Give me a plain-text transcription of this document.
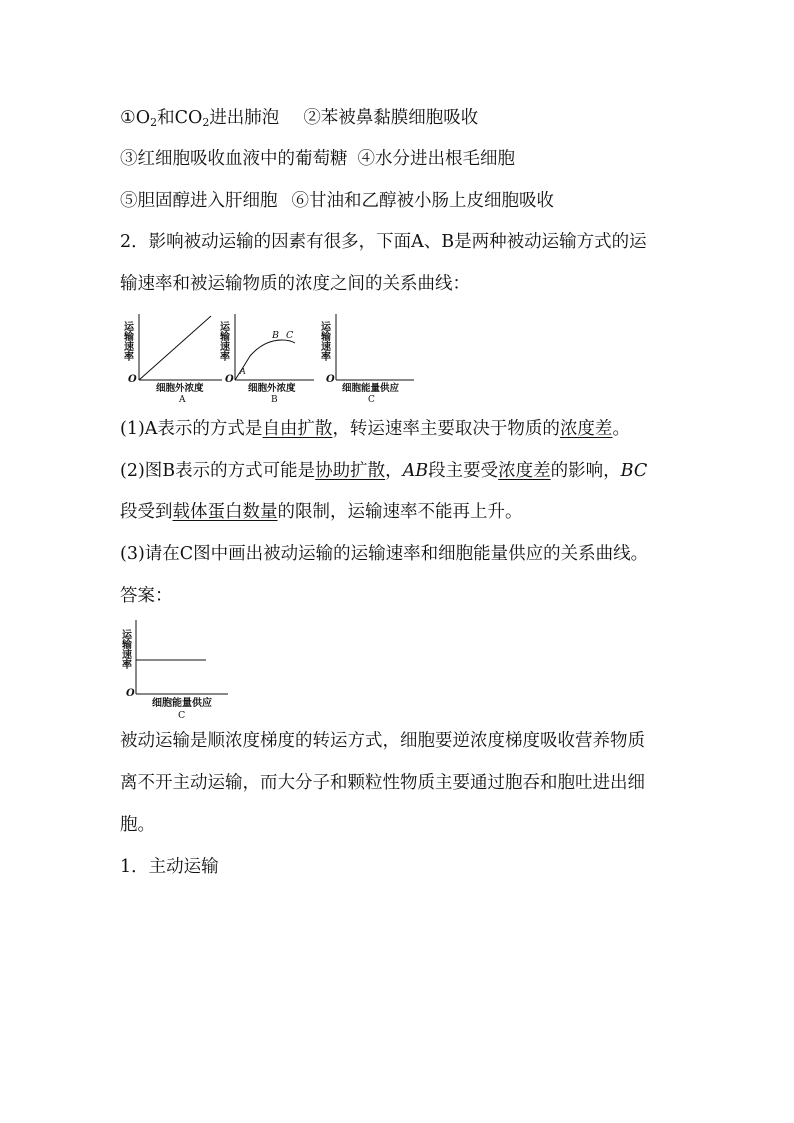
$①O_2$和$CO_2$进出肺泡 ②苯被鼻黏膜细胞吸收
③红细胞吸收血液中的葡萄糖 ④水分进出根毛细胞
⑤胆固醇进入肝细胞 ⑥甘油和乙醇被小肠上皮细胞吸收
2．影响被动运输的因素有很多，下面A、B是两种被动运输方式的运
输速率和被运输物质的浓度之间的关系曲线：
运
输
速
率
O
细胞外浓度
A
运
输
速
率
O
A
B C
细胞外浓度
B
运
输
速
率
O
细胞能量供应
C
(1)A表示的方式是自由扩散，转运速率主要取决于物质的浓度差。
(2)图B表示的方式可能是协助扩散，AB段主要受浓度差的影响，BC
段受到载体蛋白数量的限制，运输速率不能再上升。
(3)请在C图中画出被动运输的运输速率和细胞能量供应的关系曲线。
答案：
运
输
速
率
O
细胞能量供应
C
被动运输是顺浓度梯度的转运方式，细胞要逆浓度梯度吸收营养物质
离不开主动运输，而大分子和颗粒性物质主要通过胞吞和胞吐进出细
胞。
1．主动运输
